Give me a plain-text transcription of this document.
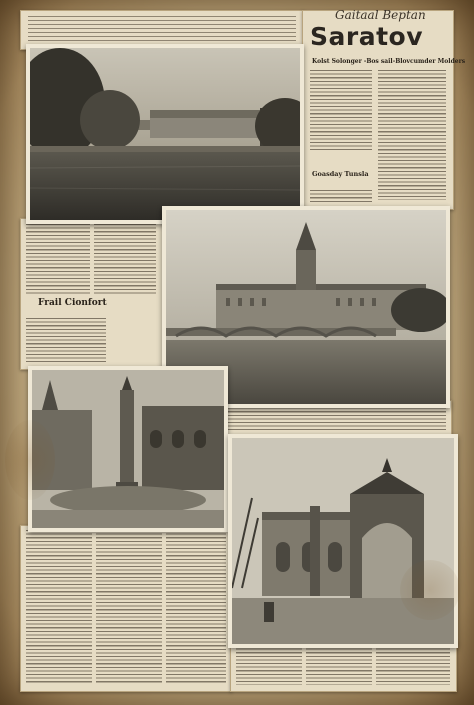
Gaitaal Beptan
Saratov
Kolst Solonger -Bos sail-Blovcumder Molders
Goasday Tunsla
Frail Cionfort
